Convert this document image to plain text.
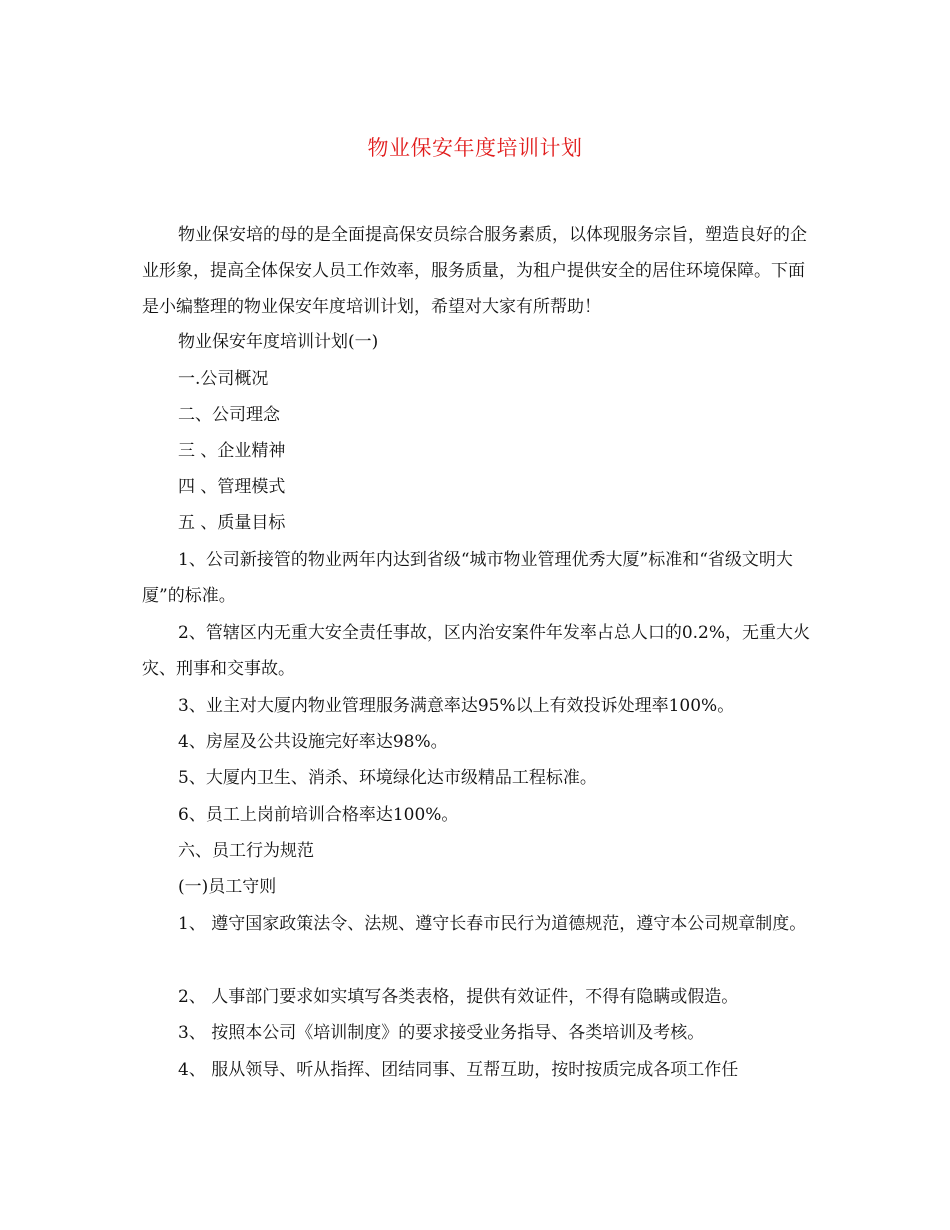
物业保安年度培训计划

物业保安培的母的是全面提高保安员综合服务素质，以体现服务宗旨，塑造良好的企业形象，提高全体保安人员工作效率，服务质量，为租户提供安全的居住环境保障。下面是小编整理的物业保安年度培训计划，希望对大家有所帮助！

物业保安年度培训计划(一)

一.公司概况

二、公司理念

三 、企业精神

四 、管理模式

五 、质量目标

1、公司新接管的物业两年内达到省级“城市物业管理优秀大厦”标准和“省级文明大厦”的标准。

2、管辖区内无重大安全责任事故，区内治安案件年发率占总人口的0.2%，无重大火灾、刑事和交事故。

3、业主对大厦内物业管理服务满意率达95%以上有效投诉处理率100%。

4、房屋及公共设施完好率达98%。

5、大厦内卫生、消杀、环境绿化达市级精品工程标准。

6、员工上岗前培训合格率达100%。

六、员工行为规范

(一)员工守则

1、 遵守国家政策法令、法规、遵守长春市民行为道德规范，遵守本公司规章制度。

2、 人事部门要求如实填写各类表格，提供有效证件，不得有隐瞒或假造。

3、 按照本公司《培训制度》的要求接受业务指导、各类培训及考核。

4、 服从领导、听从指挥、团结同事、互帮互助，按时按质完成各项工作任
